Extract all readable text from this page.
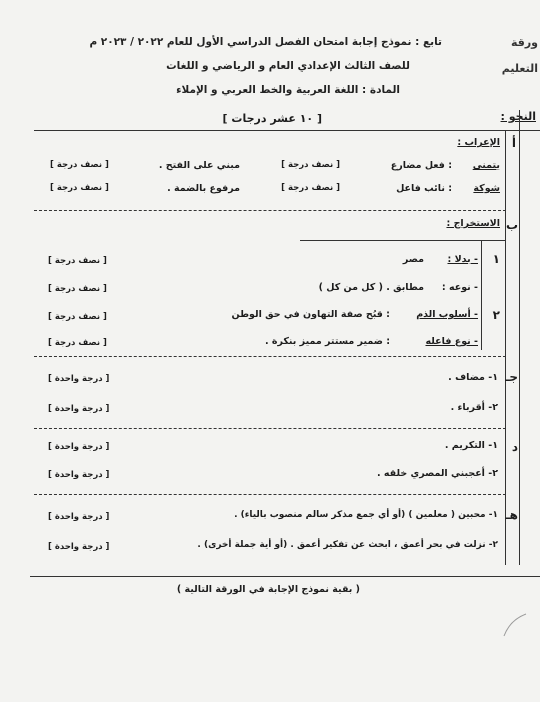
ورقة
التعليم
تابع : نموذج إجابة امتحان الفصل الدراسي الأول للعام ٢٠٢٢ / ٢٠٢٣ م
للصف الثالث الإعدادي العام و الرياضي و اللغات
المادة : اللغة العربية والخط العربي و الإملاء
النحو :
[ ١٠ عشر درجات ]
أ
الإعراب :
يتمنى
: فعل مضارع
[ نصف درجة ]
مبني على الفتح .
[ نصف درجة ]
شوكة
: نائب فاعل
[ نصف درجة ]
مرفوع بالضمة .
[ نصف درجة ]
ب
الاستخراج :
١
- بدلا :
مصر
[ نصف درجة ]
- نوعه :
مطابق . ( كل من كل )
[ نصف درجة ]
٢
- أسلوب الذم
: قبُح صفة التهاون في حق الوطن
[ نصف درجة ]
- نوع فاعله
: ضمير مستتر مميز بنكرة .
[ نصف درجة ]
جـ
١- مضاف .
[ درجة واحدة ]
٢- أقرباء .
[ درجة واحدة ]
د
١- التكريم .
[ درجة واحدة ]
٢- أعجبني المصري خلقه .
[ درجة واحدة ]
هـ
١- محبين ( معلمين ) (أو أي جمع مذكر سالم منصوب بالياء) .
[ درجة واحدة ]
٢- نزلت في بحر أعمق ، ابحث عن تفكير أعمق . (أو أية جملة أخرى) .
[ درجة واحدة ]
( بقية نموذج الإجابة في الورقة التالية )
